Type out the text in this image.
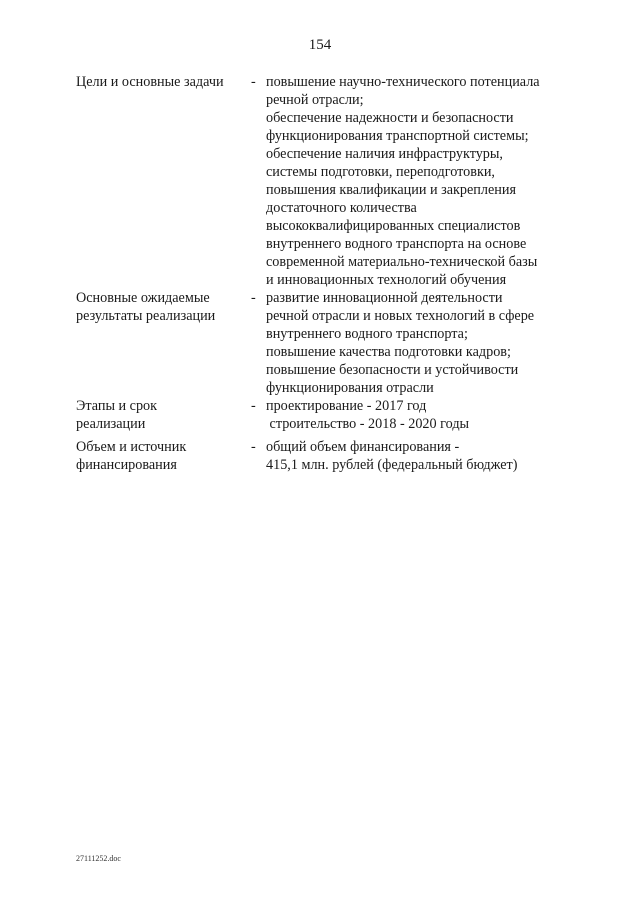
154
Цели и основные задачи	- повышение научно-технического потенциала
речной отрасли;
обеспечение надежности и безопасности
функционирования транспортной системы;
обеспечение наличия инфраструктуры,
системы подготовки, переподготовки,
повышения квалификации и закрепления
достаточного количества
высококвалифицированных специалистов
внутреннего водного транспорта на основе
современной материально-технической базы
и инновационных технологий обучения
Основные ожидаемые
результаты реализации
- развитие инновационной деятельности
речной отрасли и новых технологий в сфере
внутреннего водного транспорта;
повышение качества подготовки кадров;
повышение безопасности и устойчивости
функционирования отрасли
Этапы и срок
реализации
- проектирование - 2017 год
строительство - 2018 - 2020 годы
Объем и источник
финансирования
- общий объем финансирования -
415,1 млн. рублей (федеральный бюджет)
27111252.doc
